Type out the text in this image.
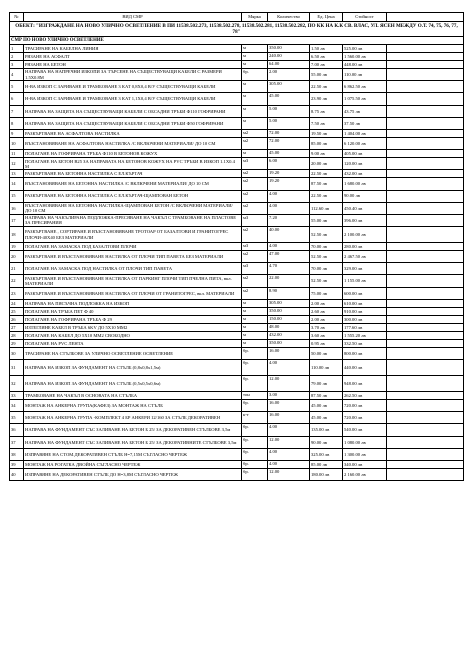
№	ВИД СМР	Мярка	Количество	Ед. Цена	Стойност	
ОБЕКТ: "ИЗГРАЖДАНЕ НА НОВО УЛИЧНО ОСВЕТЛЕНИЕ В ПИ 11538.502.273, 11538.502.278, 11538.502.281, 11538.502.282, ПО КК НА К.К СВ. ВЛАС, УЛ. ЯСЕН МЕЖДУ О.Т. 74, 75, 76, 77, 78"						
СМР ПО НОВО УЛИЧНО ОСВЕТЛЕНИЕ						
1	ТРАСИРАНЕ НА КАБЕЛНА ЛИНИЯ	м	350.00	1.50 лв	525.00 лв	
2	РЯЗАНЕ НА АСФАЛТ	м	240.00	6.50 лв	1 560.00 лв	
3	РЯЗАНЕ НА БЕТОН	м	64.00	7.00 лв	448.00 лв	
4	НАПРАВА НА НАПРЕЧНИ ИЗКОПИ ЗА ТЪРСЕНЕ НА СЪЩЕСТВУВАЩИ КАБЕЛИ С РАЗМЕРИ 1.5Х0.8М	бр.	2.00	55.00 лв	110.00 лв	
5	Н-ВА ИЗКОП С ЗАРИВАНЕ И ТРАМБОВАНЕ 3 КАТ 0,8Х0,4 В/У СЪЩЕСТВУВАЩИ КАБЕЛИ	м	305.00	22.50 лв	6 862.50 лв	
6	Н-ВА ИЗКОП С ЗАРИВАНЕ И ТРАМБОВАНЕ 3 КАТ 1,1Х0,4 В/У СЪЩЕСТВУВАЩИ КАБЕЛИ	м	45.00	23.90 лв	1 075.50 лв	
7	НАПРАВА НА ЗАЩИТА НА СЪЩЕСТВУВАЩИ КАБЕЛИ С ОБСАДНИ ТРЪБИ Ф110 ГОФРИРАНИ	м	5.00	8.75 лв	43.75 лв	
8	НАПРАВА НА ЗАЩИТА НА СЪЩЕСТВУВАЩИ КАБЕЛИ С ОБСАДНИ ТРЪБИ Ф50 ГОФРИРАНИ	м	5.00	7.50 лв	37.50 лв	
9	РАЗКЪРТВАНЕ НА АСФАЛТОВА НАСТИЛКА	м2	72.00	19.50 лв	1 404.00 лв	
10	ВЪЗСТАНОВЯВАНЕ НА АСФАЛТОВА НАСТИЛКА /С ВКЛЮЧЕНИ МАТЕРИАЛИ/ ДО 10 СМ	м2	72.00	85.00 лв	6 120.00 лв	
11	ПОЛАГАНЕ НА ГОФРИРАНА ТРЪБА Ф110 В БЕТОНОВ КОЖУХ	м	45.00	9.00 лв	405.00 лв	
12	ПОЛАГАНЕ НА БЕТОН В25 ЗА НАПРАВАТА НА БЕТОНОВ КОЖУХ НА PVC ТРЪБИ В ИЗКОП 1.1Х0.4 М	м3	6.00	20.00 лв	120.00 лв	
13	РАЗКЪРТВАНЕ НА БЕТОННА НАСТИЛКА С ЕЛ.КЪРТАЧ	м2	19.20	22.50 лв	432.00 лв	
14	ВЪЗСТАНОВЯВАНЕ НА БЕТОННА НАСТИЛКА /С ВКЛЮЧЕНИ МАТЕРИАЛИ/ ДО 10 СМ	м2	19.20	87.50 лв	1 680.00 лв	
15	РАЗКЪРТВАНЕ НА БЕТОННА НАСТИЛКА С ЕЛ.КЪРТАЧ-ЩАМПОВАН БЕТОН	м2	4.00	22.50 лв	90.00 лв	
16	ВЪЗСТАНОВЯВАНЕ НА БЕТОННА НАСТИЛКА-ЩАМПОВАН БЕТОН /С ВКЛЮЧЕНИ МАТЕРИАЛИ/ ДО 10 СМ	м2	4.00	112.60 лв	450.40 лв	
17	НАПРАВА НА ЧАКЪЛИРАНА ПОДЛОЖКА-ПРЕСЯВАНЕ НА ЧАКЪЛ С ТРАМБОВАНЕ НА ПЛАСТОВЕ ЗА ПРЕСИРАНИЯ	м3	7.20	55.00 лв	396.00 лв	
18	РАЗКЪРТВАНЕ , СОРТИРАНЕ И ВЪЗСТАНОВЯВАНЕ ТРОТОАР ОТ БАЗАЛТОВИ И ГРАНИТОГРЕС ПЛОЧИ-40Х40 БЕЗ МАТЕРИАЛИ	м2	40.00	52.50 лв	2 100.00 лв	
19	ПОЛАГАНЕ НА ЗАМАСКА ПОД БАЗАЛТОВИ ПЛОЧИ	м3	4.00	70.00 лв	280.00 лв	
20	РАЗКЪРТВАНЕ И ВЪЗСТАНОВЯВАНЕ НАСТИЛКА ОТ ПЛОЧИ ТИП ПАВЕТА БЕЗ МАТЕРИАЛИ	м2	47.00	52.50 лв	2 467.50 лв	
21	ПОЛАГАНЕ НА ЗАМАСКА ПОД НАСТИЛКА ОТ ПЛОЧИ ТИП ПАВЕТА	м3	4.70	70.00 лв	329.00 лв	
22	РАЗКЪРТВАНЕ И ВЪЗСТАНОВЯВАНЕ НАСТИЛКА ОТ ПАРКИНГ ПЛОЧИ ТИП ПЧЕЛНА ПИТА, вкл. МАТЕРИАЛИ	м2	22.00	52.50 лв	1 155.00 лв	
23	РАЗКЪРТВАНЕ И ВЪЗСТАНОВЯВАНЕ НАСТИЛКА ОТ ПЛОЧИ ОТ ГРАНИТОГРЕС, вкл. МАТЕРИАЛИ	м2	8.90	75.00 лв	600.00 лв	
24	НАПРАВА НА ПЯСЪЧНА ПОДЛОЖКА НА ИЗКОП	м	305.00	2.00 лв	610.00 лв	
25	ПОЛАГАНЕ НА ТРЪБА ПЕТ Ф 40	м	350.00	2.60 лв	910.00 лв	
26	ПОЛАГАНЕ НА ГОФРИРАНА ТРЪБА Ф 29	м	150.00	2.00 лв	300.00 лв	
27	ИЗТЕГЛЯНЕ КАБЕЛ В ТРЪБА 6KV ДО 5Х10 ММ2	м	48.00	3.70 лв	177.60 лв	
28	ПОЛАГАНЕ НА КАБЕЛ ДО 5Х10 ММ2 СВОБОДНО	м	432.00	3.60 лв	1 555.20 лв	
29	ПОЛАГАНЕ НА PVC ЛЕНТА	м	350.00	0.95 лв	332.50 лв	
30	ТРАСИРАНЕ НА СТЪЛБОВЕ ЗА УЛИЧНО ОСВЕТЛЕНИЕ ОСВЕТЛЕНИЕ	бр.	16.00	50.00 лв	800.00 лв	
31	НАПРАВА НА ИЗКОП ЗА ФУНДАМЕНТ НА СТЪЛБ (0,8х0,8х1,5м)	бр.	4.00	110.00 лв	440.00 лв	
32	НАПРАВА НА ИЗКОП ЗА ФУНДАМЕНТ НА СТЪЛБ (0,5х0,5х0,6м)	бр.	12.00	79.00 лв	948.00 лв	
33	ТРАМБОВАНЕ НА ЧАКЪЛ В ОСНОВАТА НА СТЪЛБА	тон	3.00	87.50 лв	262.50 лв	
34	МОНТАЖ НА АНКЕРНА ГРУПА(КАФЕЗ) ЗА МОНТАЖ НА СТЪЛБ	бр.	16.00	45.00 лв	720.00 лв	
35	МОНТАЖ НА АНКЕРНА ГРУПА -КОМПЛЕКТ 4 БР АНКЕРИ 12/160 ЗА СТЪЛБ ДЕКОРАТИВЕН	к-т	16.00	45.00 лв	720.00 лв	
36	НАПРАВА НА ФУНДАМЕНТ СЪС ЗАЛИВАНЕ НА БЕТОН Б 25/ ЗА ДЕКОРАТИВЕН СТЪЛБОВЕ 3,5м	бр.	4.00	135.00 лв	540.00 лв	
37	НАПРАВА НА ФУНДАМЕНТ СЪС ЗАЛИВАНЕ НА БЕТОН Б 25/ ЗА ДЕКОРАТИВНИТЕ СТЪЛБОВЕ 3,5м	бр.	12.00	90.00 лв	1 080.00 лв	
38	ИЗПРАВЯНЕ НА СТОМ.ДЕКОРАТИВЕН СТЪЛБ Н=7,15М СЪГЛАСНО ЧЕРТЕЖ	бр.	4.00	325.00 лв	1 300.00 лв	
39	МОНТАЖ НА РОГАТКА ДВОЙНА СЪГЛАСНО ЧЕРТЕЖ	бр.	4.00	85.00 лв	340.00 лв	
40	ИЗПРАВЯНЕ НА ДЕКОРАТИВЕН СТЪЛБ ДО Н=3,8М СЪГЛАСНО ЧЕРТЕЖ	бр.	12.00	180.00 лв	2 160.00 лв	
